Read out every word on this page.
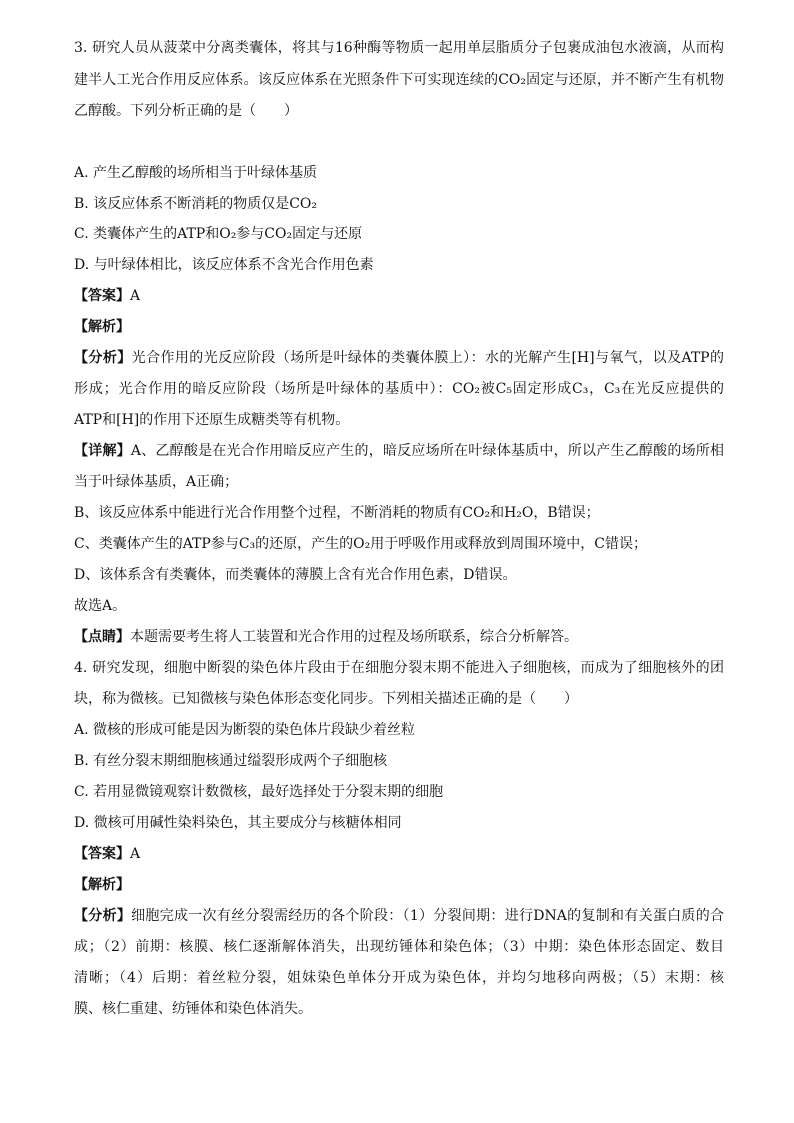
3. 研究人员从菠菜中分离类囊体，将其与16种酶等物质一起用单层脂质分子包裹成油包水液滴，从而构
建半人工光合作用反应体系。该反应体系在光照条件下可实现连续的CO₂固定与还原，并不断产生有机物
乙醇酸。下列分析正确的是（　　）
A. 产生乙醇酸的场所相当于叶绿体基质
B. 该反应体系不断消耗的物质仅是CO₂
C. 类囊体产生的ATP和O₂参与CO₂固定与还原
D. 与叶绿体相比，该反应体系不含光合作用色素
【答案】A
【解析】
【分析】光合作用的光反应阶段（场所是叶绿体的类囊体膜上）：水的光解产生[H]与氧气，以及ATP的
形成；光合作用的暗反应阶段（场所是叶绿体的基质中）：CO₂被C₅固定形成C₃，C₃在光反应提供的
ATP和[H]的作用下还原生成糖类等有机物。
【详解】A、乙醇酸是在光合作用暗反应产生的，暗反应场所在叶绿体基质中，所以产生乙醇酸的场所相
当于叶绿体基质，A正确；
B、该反应体系中能进行光合作用整个过程，不断消耗的物质有CO₂和H₂O，B错误；
C、类囊体产生的ATP参与C₃的还原，产生的O₂用于呼吸作用或释放到周围环境中，C错误；
D、该体系含有类囊体，而类囊体的薄膜上含有光合作用色素，D错误。
故选A。
【点睛】本题需要考生将人工装置和光合作用的过程及场所联系，综合分析解答。
4. 研究发现，细胞中断裂的染色体片段由于在细胞分裂末期不能进入子细胞核，而成为了细胞核外的团
块，称为微核。已知微核与染色体形态变化同步。下列相关描述正确的是（　　）
A. 微核的形成可能是因为断裂的染色体片段缺少着丝粒
B. 有丝分裂末期细胞核通过缢裂形成两个子细胞核
C. 若用显微镜观察计数微核，最好选择处于分裂末期的细胞
D. 微核可用碱性染料染色，其主要成分与核糖体相同
【答案】A
【解析】
【分析】细胞完成一次有丝分裂需经历的各个阶段：（1）分裂间期：进行DNA的复制和有关蛋白质的合
成；（2）前期：核膜、核仁逐渐解体消失，出现纺锤体和染色体；（3）中期：染色体形态固定、数目
清晰；（4）后期：着丝粒分裂，姐妹染色单体分开成为染色体，并均匀地移向两极；（5）末期：核
膜、核仁重建、纺锤体和染色体消失。
